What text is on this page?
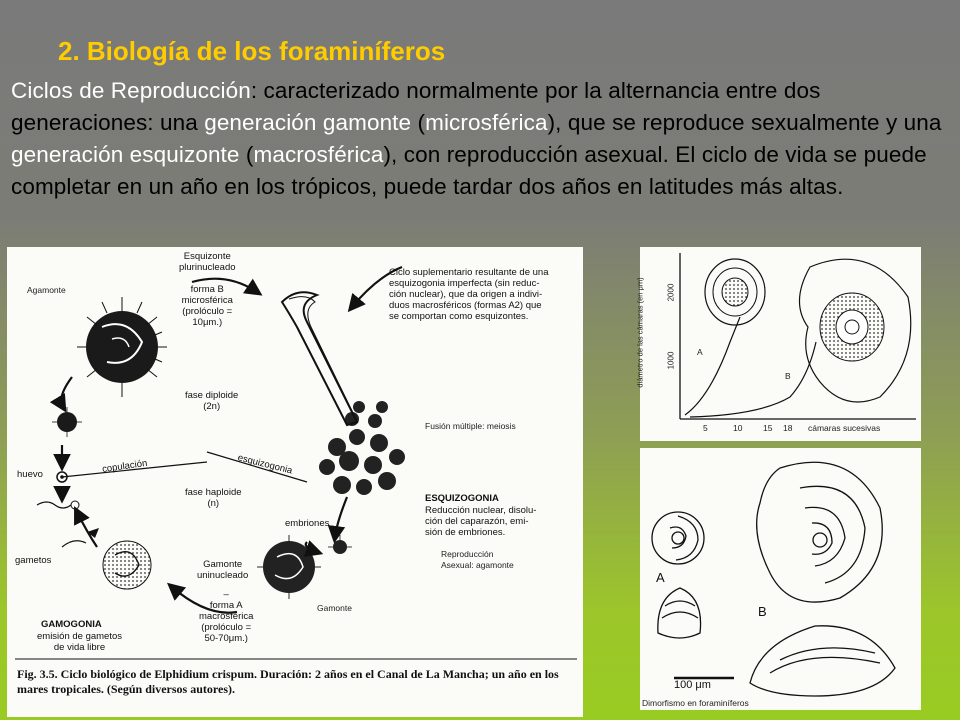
2. Biología de los foraminíferos

Ciclos de Reproducción: caracterizado normalmente por la alternancia entre dos generaciones: una generación gamonte (microsférica), que se reproduce sexualmente y una generación esquizonte (macrosférica), con reproducción asexual. El ciclo de vida se puede completar en un año en los trópicos, puede tardar dos años en latitudes más altas.

Agamonte
Fusión múltiple: meiosis
Reproducción
Asexual: agamonte
Gamonte
Esquizonte
plurinucleado
–
forma B
microsférica
(prolóculo =
10μm.)
Ciclo suplementario resultante de una
esquizogonia imperfecta (sin reduc-
ción nuclear), que da origen a indivi-
duos macrosféricos (formas A2) que
se comportan como esquizontes.
fase diploide
(2n)
copulación	esquizogonia
fase haploide
(n)
huevo
gametos
embriones
ESQUIZOGONIA
Reducción nuclear, disolu-
ción del caparazón, emi-
sión de embriones.
Gamonte
uninucleado
–
forma A
macrosférica
(prolóculo =
50-70μm.)
GAMOGONIA
emisión de gametos
de vida libre
Fig. 3.5. Ciclo biológico de Elphidium crispum. Duración: 2 años en el Canal de La Mancha; un año en los mares tropicales. (Según diversos autores).
diámetro de las cámaras (en μm)	1000
2000
5	10 15 18 cámaras sucesivas
A
B
A
B
100 μm
Dimorfismo en foraminíferos
